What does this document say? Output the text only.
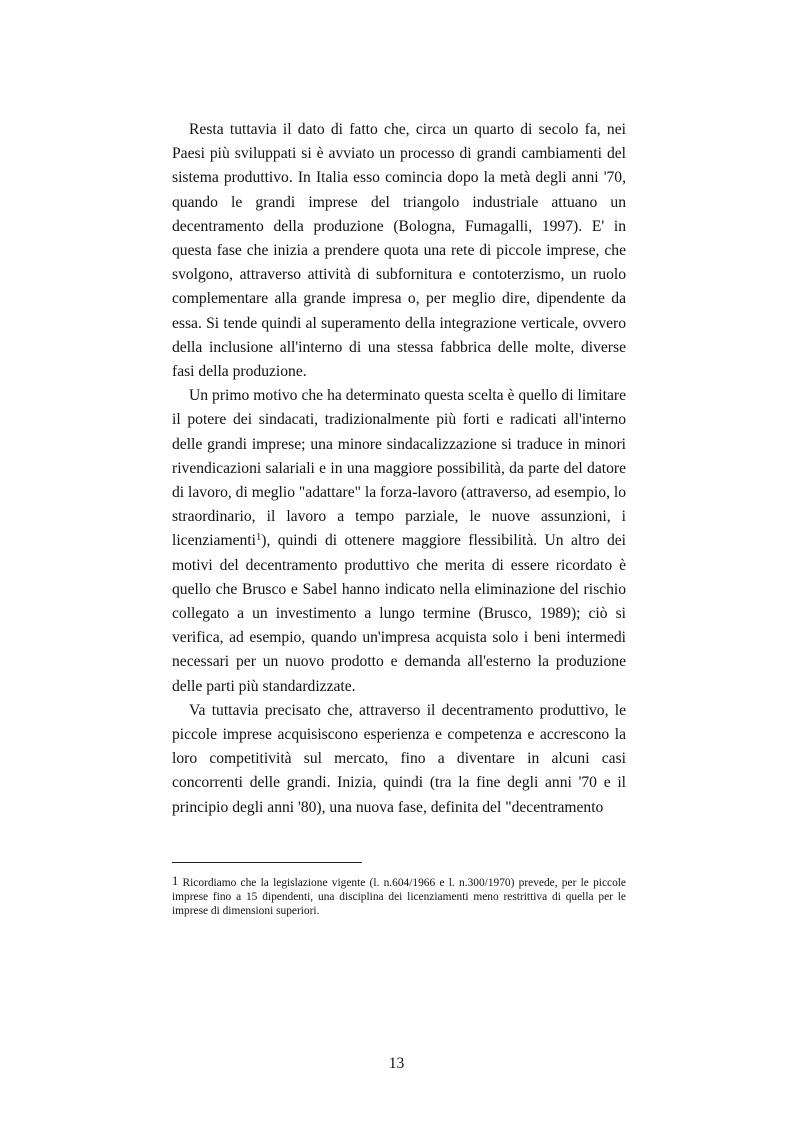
Resta tuttavia il dato di fatto che, circa un quarto di secolo fa, nei Paesi più sviluppati si è avviato un processo di grandi cambiamenti del sistema produttivo. In Italia esso comincia dopo la metà degli anni '70, quando le grandi imprese del triangolo industriale attuano un decentramento della produzione (Bologna, Fumagalli, 1997). E' in questa fase che inizia a prendere quota una rete di piccole imprese, che svolgono, attraverso attività di subfornitura e contoterzismo, un ruolo complementare alla grande impresa o, per meglio dire, dipendente da essa. Si tende quindi al superamento della integrazione verticale, ovvero della inclusione all'interno di una stessa fabbrica delle molte, diverse fasi della produzione.

Un primo motivo che ha determinato questa scelta è quello di limitare il potere dei sindacati, tradizionalmente più forti e radicati all'interno delle grandi imprese; una minore sindacalizzazione si traduce in minori rivendicazioni salariali e in una maggiore possibilità, da parte del datore di lavoro, di meglio "adattare" la forza-lavoro (attraverso, ad esempio, lo straordinario, il lavoro a tempo parziale, le nuove assunzioni, i licenziamenti$^1$), quindi di ottenere maggiore flessibilità. Un altro dei motivi del decentramento produttivo che merita di essere ricordato è quello che Brusco e Sabel hanno indicato nella eliminazione del rischio collegato a un investimento a lungo termine (Brusco, 1989); ciò si verifica, ad esempio, quando un'impresa acquista solo i beni intermedi necessari per un nuovo prodotto e demanda all'esterno la produzione delle parti più standardizzate.

Va tuttavia precisato che, attraverso il decentramento produttivo, le piccole imprese acquisiscono esperienza e competenza e accrescono la loro competitività sul mercato, fino a diventare in alcuni casi concorrenti delle grandi. Inizia, quindi (tra la fine degli anni '70 e il principio degli anni '80), una nuova fase, definita del "decentramento

1 Ricordiamo che la legislazione vigente (l. n.604/1966 e l. n.300/1970) prevede, per le piccole imprese fino a 15 dipendenti, una disciplina dei licenziamenti meno restrittiva di quella per le imprese di dimensioni superiori.

13
